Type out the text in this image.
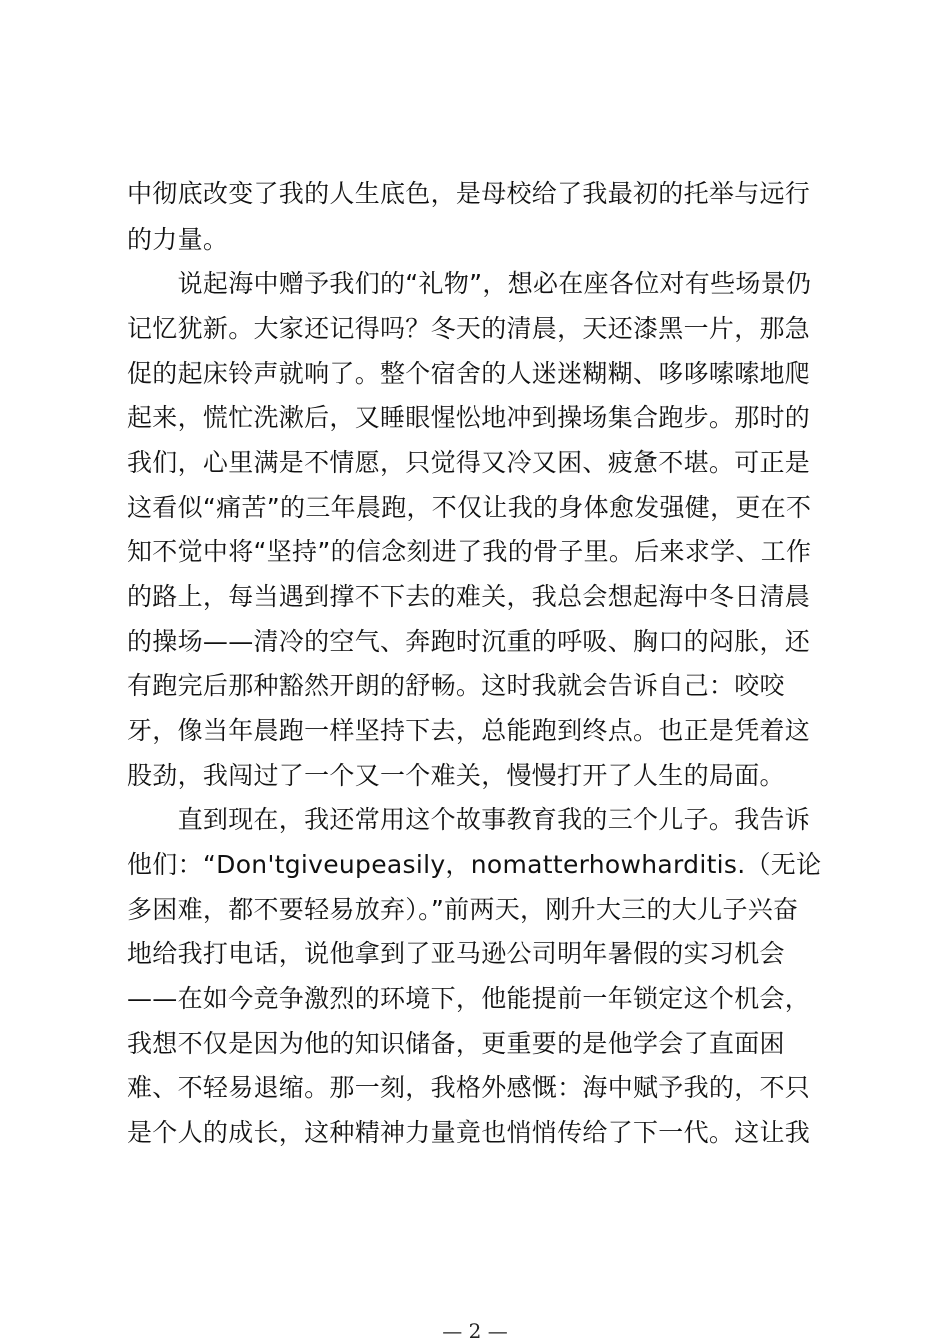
中彻底改变了我的人生底色，是母校给了我最初的托举与远行
的力量。
　　说起海中赠予我们的“礼物”，想必在座各位对有些场景仍
记忆犹新。大家还记得吗？冬天的清晨，天还漆黑一片，那急
促的起床铃声就响了。整个宿舍的人迷迷糊糊、哆哆嗦嗦地爬
起来，慌忙洗漱后，又睡眼惺忪地冲到操场集合跑步。那时的
我们，心里满是不情愿，只觉得又冷又困、疲惫不堪。可正是
这看似“痛苦”的三年晨跑，不仅让我的身体愈发强健，更在不
知不觉中将“坚持”的信念刻进了我的骨子里。后来求学、工作
的路上，每当遇到撑不下去的难关，我总会想起海中冬日清晨
的操场——清冷的空气、奔跑时沉重的呼吸、胸口的闷胀，还
有跑完后那种豁然开朗的舒畅。这时我就会告诉自己：咬咬
牙，像当年晨跑一样坚持下去，总能跑到终点。也正是凭着这
股劲，我闯过了一个又一个难关，慢慢打开了人生的局面。
　　直到现在，我还常用这个故事教育我的三个儿子。我告诉
他们：“Don'tgiveupeasily，nomatterhowharditis.（无论
多困难，都不要轻易放弃）。”前两天，刚升大三的大儿子兴奋
地给我打电话，说他拿到了亚马逊公司明年暑假的实习机会
——在如今竞争激烈的环境下，他能提前一年锁定这个机会，
我想不仅是因为他的知识储备，更重要的是他学会了直面困
难、不轻易退缩。那一刻，我格外感慨：海中赋予我的，不只
是个人的成长，这种精神力量竟也悄悄传给了下一代。这让我
— 2 —
